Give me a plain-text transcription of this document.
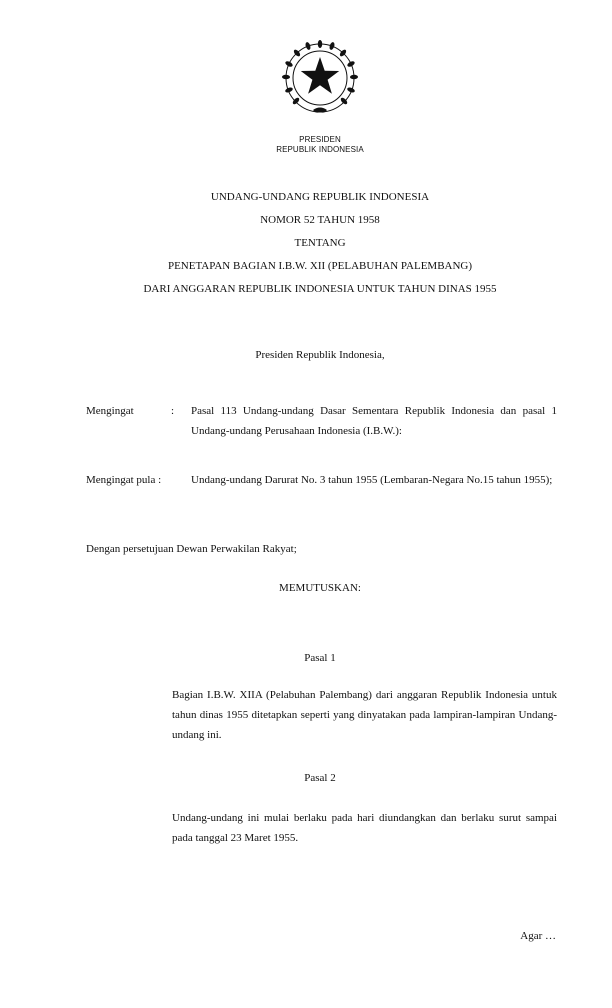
PRESIDEN
REPUBLIK INDONESIA
UNDANG-UNDANG REPUBLIK INDONESIA
NOMOR 52 TAHUN 1958
TENTANG
PENETAPAN BAGIAN I.B.W. XII (PELABUHAN PALEMBANG)
DARI ANGGARAN REPUBLIK INDONESIA UNTUK TAHUN DINAS 1955
Presiden Republik Indonesia,
Mengingat	: Pasal 113 Undang-undang Dasar Sementara Republik Indonesia dan pasal 1 Undang-undang Perusahaan Indonesia (I.B.W.):
Mengingat pula :	Undang-undang Darurat No. 3 tahun 1955 (Lembaran-Negara No.15 tahun 1955);
Dengan persetujuan Dewan Perwakilan Rakyat;
MEMUTUSKAN:
Pasal 1
Bagian I.B.W. XIIA (Pelabuhan Palembang) dari anggaran Republik Indonesia untuk tahun dinas 1955 ditetapkan seperti yang dinyatakan pada lampiran-lampiran Undang-undang ini.
Pasal 2
Undang-undang ini mulai berlaku pada hari diundangkan dan berlaku surut sampai pada tanggal 23 Maret 1955.
Agar …
